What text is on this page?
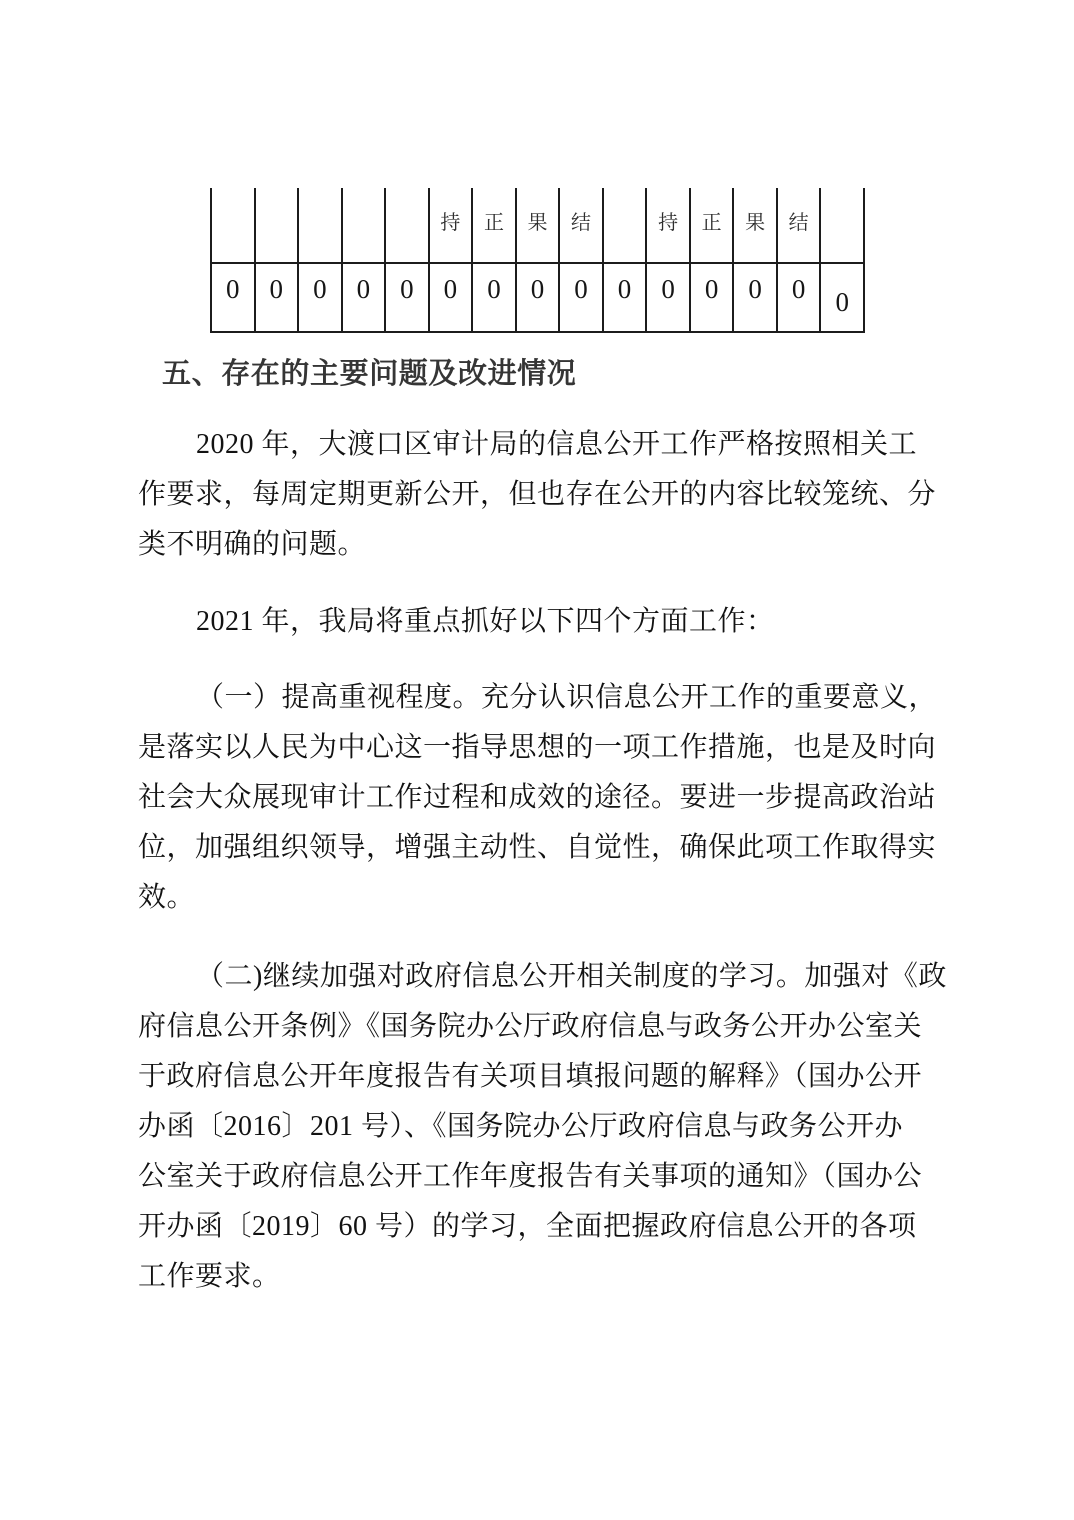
					持	正	果	结		持	正	果	结	
0	0	0	0	0	0	0	0	0	0	0	0	0	0	0
五、存在的主要问题及改进情况
2020 年，大渡口区审计局的信息公开工作严格按照相关工
作要求，每周定期更新公开，但也存在公开的内容比较笼统、分
类不明确的问题。
2021 年，我局将重点抓好以下四个方面工作：
（一）提高重视程度。充分认识信息公开工作的重要意义，
是落实以人民为中心这一指导思想的一项工作措施，也是及时向
社会大众展现审计工作过程和成效的途径。要进一步提高政治站
位，加强组织领导，增强主动性、自觉性，确保此项工作取得实
效。
（二)继续加强对政府信息公开相关制度的学习。加强对《政
府信息公开条例》《国务院办公厅政府信息与政务公开办公室关
于政府信息公开年度报告有关项目填报问题的解释》（国办公开
办函〔2016〕201 号）、《国务院办公厅政府信息与政务公开办
公室关于政府信息公开工作年度报告有关事项的通知》（国办公
开办函〔2019〕60 号）的学习，全面把握政府信息公开的各项
工作要求。
